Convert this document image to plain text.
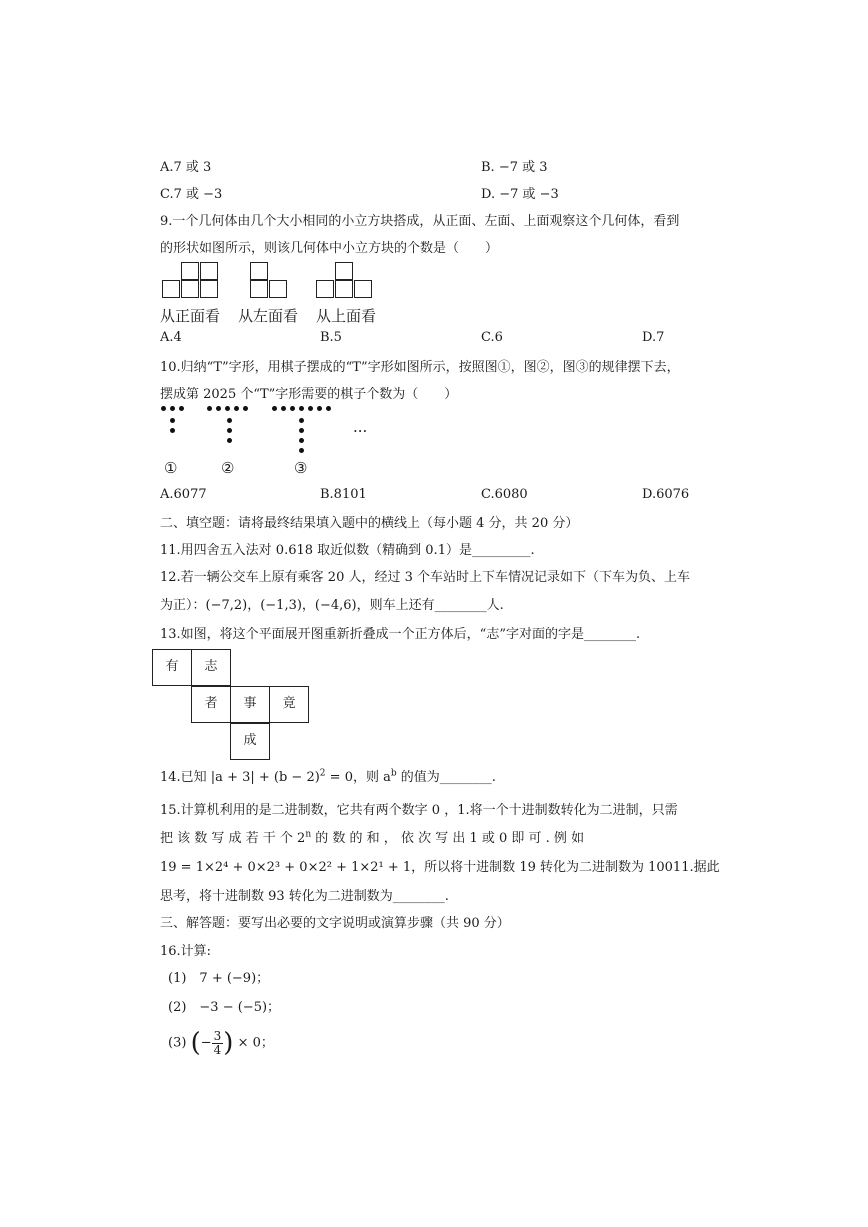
A.7 或 3	B. −7 或 3
C.7 或 −3	D. −7 或 −3
9.一个几何体由几个大小相同的小立方块搭成，从正面、左面、上面观察这个几何体，看到
的形状如图所示，则该几何体中小立方块的个数是（　　）
从正面看 从左面看 从上面看
A.4	B.5	C.6	D.7
10.归纳“T”字形，用棋子摆成的“T”字形如图所示，按照图①，图②，图③的规律摆下去，
摆成第 2025 个“T”字形需要的棋子个数为（　　）
···
①	②	③
A.6077	B.8101	C.6080	D.6076
二、填空题：请将最终结果填入题中的横线上（每小题 4 分，共 20 分）
11.用四舍五入法对 0.618 取近似数（精确到 0.1）是_________.
12.若一辆公交车上原有乘客 20 人，经过 3 个车站时上下车情况记录如下（下车为负、上车
为正）：(−7,2)，(−1,3)，(−4,6)，则车上还有________人.
13.如图，将这个平面展开图重新折叠成一个正方体后，“志”字对面的字是________.
有	志
者	事	竟
成
14.已知 $|a + 3| + (b - 2)^2 = 0$，则 $a^b$ 的值为________.
15.计算机利用的是二进制数，它共有两个数字 0 ，1.将一个十进制数转化为二进制，只需
把 该 数 写 成 若 干 个 2$^n$ 的 数 的 和 ， 依 次 写 出 1 或 0 即 可 . 例 如
19 = 1×2⁴ + 0×2³ + 0×2² + 1×2¹ + 1，所以将十进制数 19 转化为二进制数为 10011.据此
思考，将十进制数 93 转化为二进制数为________.
三、解答题：要写出必要的文字说明或演算步骤（共 90 分）
16.计算:
(1)　7 + (−9)；
(2)　−3 − (−5)；
(3) (− $\frac{3}{4}$ ) × 0；
